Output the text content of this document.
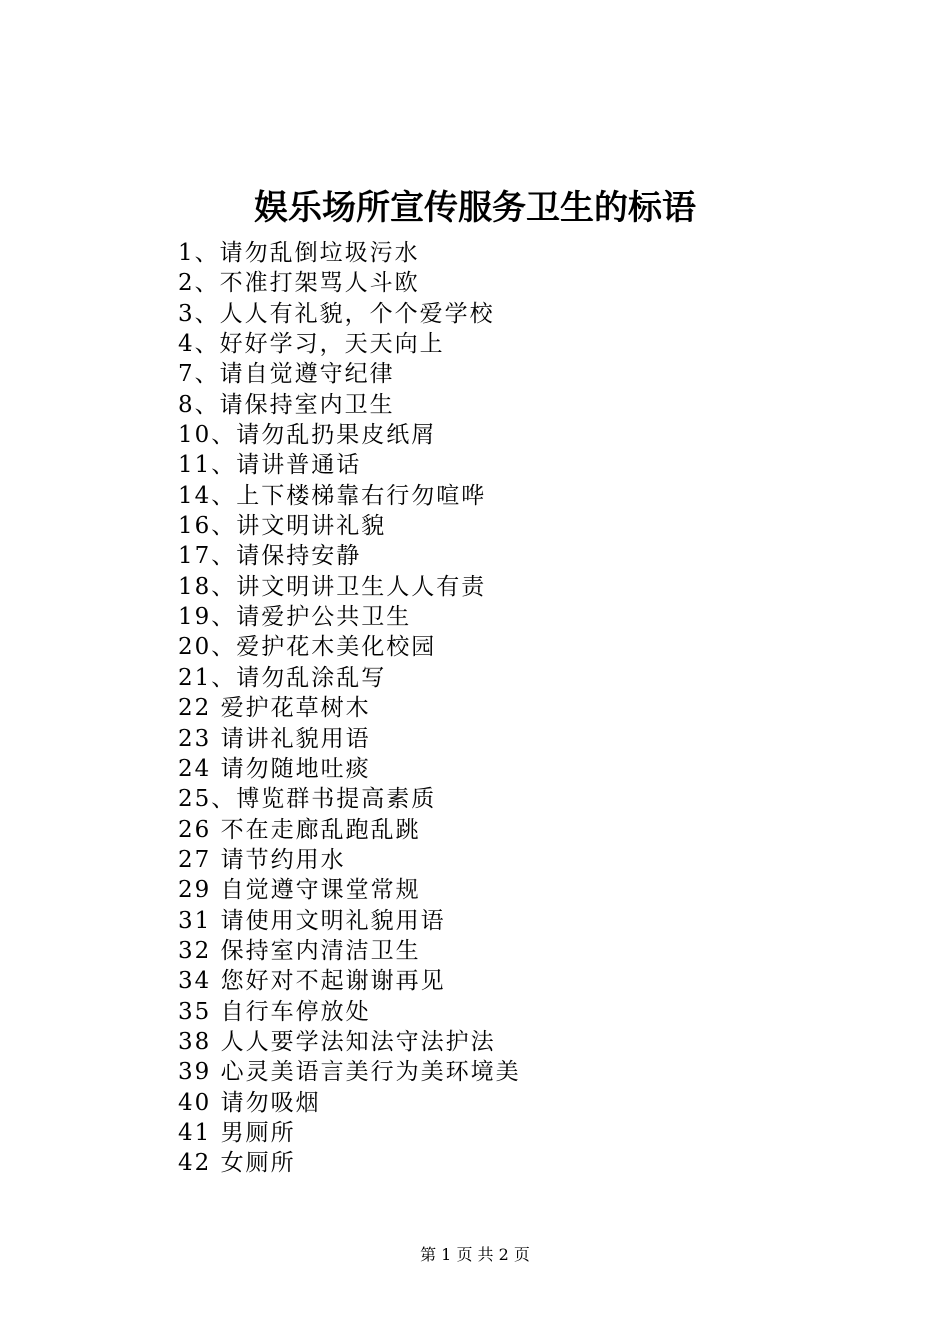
娱乐场所宣传服务卫生的标语
1、请勿乱倒垃圾污水
2、不准打架骂人斗欧
3、人人有礼貌，个个爱学校
4、好好学习，天天向上
7、请自觉遵守纪律
8、请保持室内卫生
10、请勿乱扔果皮纸屑
11、请讲普通话
14、上下楼梯靠右行勿喧哗
16、讲文明讲礼貌
17、请保持安静
18、讲文明讲卫生人人有责
19、请爱护公共卫生
20、爱护花木美化校园
21、请勿乱涂乱写
22 爱护花草树木
23 请讲礼貌用语
24 请勿随地吐痰
25、博览群书提高素质
26 不在走廊乱跑乱跳
27 请节约用水
29 自觉遵守课堂常规
31 请使用文明礼貌用语
32 保持室内清洁卫生
34 您好对不起谢谢再见
35 自行车停放处
38 人人要学法知法守法护法
39 心灵美语言美行为美环境美
40 请勿吸烟
41 男厕所
42 女厕所
第 1 页 共 2 页
